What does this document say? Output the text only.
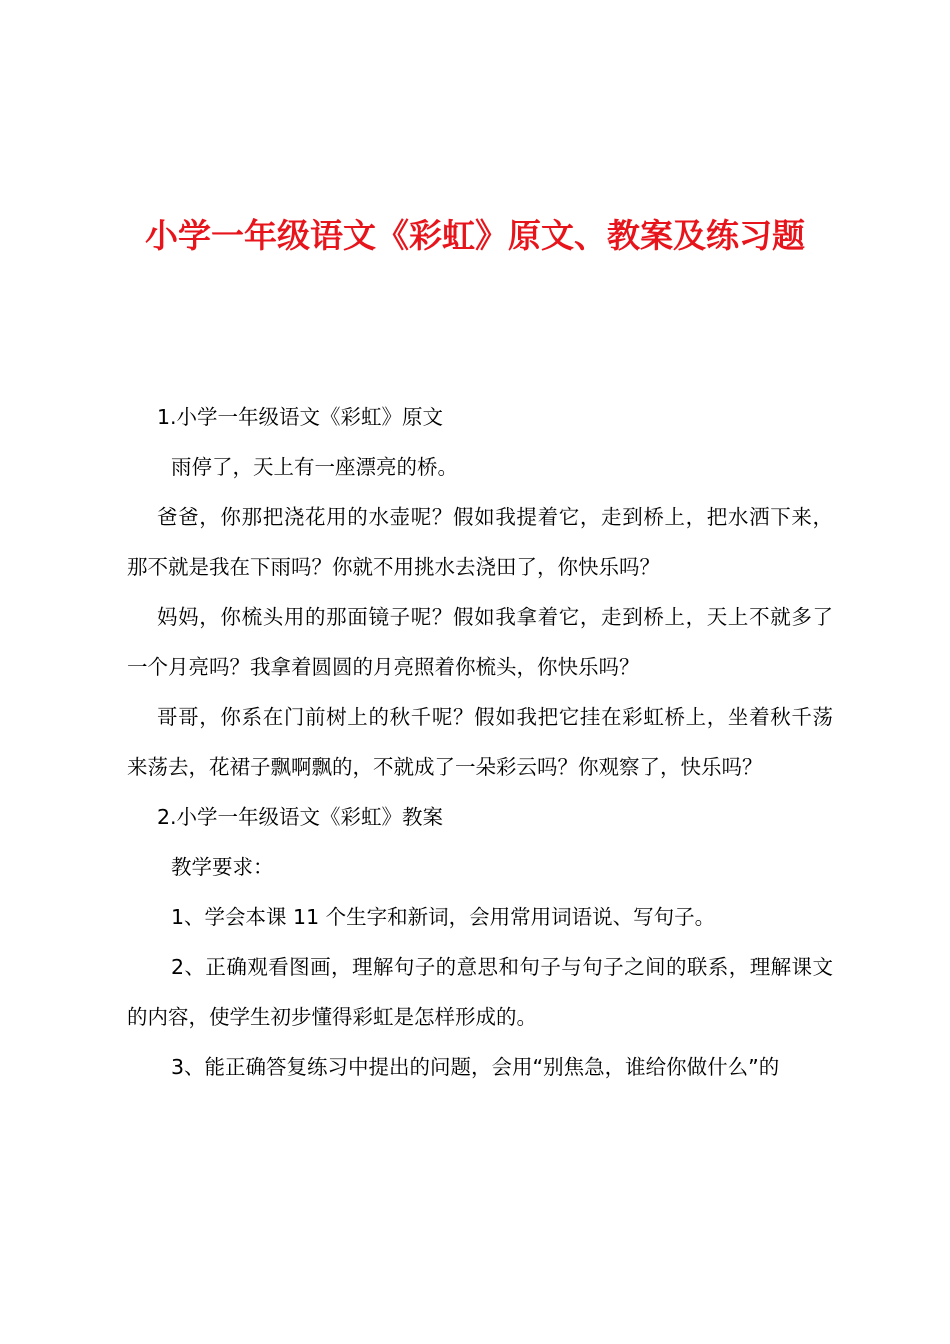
小学一年级语文《彩虹》原文、教案及练习题

1.小学一年级语文《彩虹》原文

雨停了，天上有一座漂亮的桥。

爸爸，你那把浇花用的水壶呢？假如我提着它，走到桥上，把水洒下来，那不就是我在下雨吗？你就不用挑水去浇田了，你快乐吗？

妈妈，你梳头用的那面镜子呢？假如我拿着它，走到桥上，天上不就多了一个月亮吗？我拿着圆圆的月亮照着你梳头，你快乐吗？

哥哥，你系在门前树上的秋千呢？假如我把它挂在彩虹桥上，坐着秋千荡来荡去，花裙子飘啊飘的，不就成了一朵彩云吗？你观察了，快乐吗？

2.小学一年级语文《彩虹》教案

教学要求：

1、学会本课 11 个生字和新词，会用常用词语说、写句子。

2、正确观看图画，理解句子的意思和句子与句子之间的联系，理解课文的内容，使学生初步懂得彩虹是怎样形成的。

3、能正确答复练习中提出的问题，会用“别焦急，谁给你做什么”的
